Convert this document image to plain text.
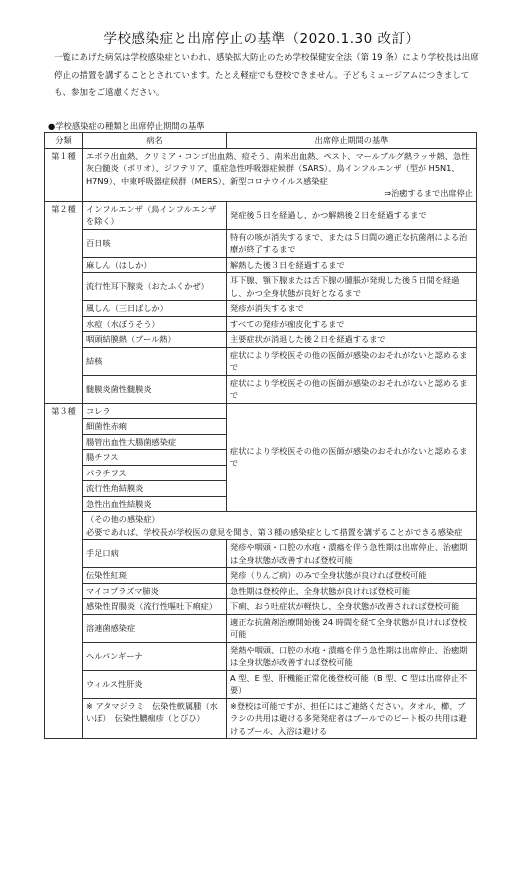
学校感染症と出席停止の基準（2020.1.30 改訂）
一覧にあげた病気は学校感染症といわれ、感染拡大防止のため学校保健安全法（第 19 条）により学校長は出席停止の措置を講ずることとされています。たとえ軽症でも登校できません。子どもミュージアムにつきましても、参加をご遠慮ください。
●学校感染症の種類と出席停止期間の基準
分類	病名	出席停止期間の基準
第１種	エボラ出血熱、クリミア・コンゴ出血熱、痘そう、南米出血熱、ペスト、マールブルグ熱ラッサ熱、急性灰白髄炎（ポリオ）、ジフテリア、重症急性呼吸器症候群（SARS）、鳥インフルエンザ（型が H5N1、H7N9）、中東呼吸器症候群（MERS）、新型コロナウイルス感染症
⇒治癒するまで出席停止	

第２種	インフルエンザ（鳥インフルエンザを除く）	発症後５日を経過し、かつ解熱後２日を経過するまで
	百日咳	特有の咳が消失するまで、または５日間の適正な抗菌剤による治療が終了するまで
	麻しん（はしか）	解熱した後３日を経過するまで
	流行性耳下腺炎（おたふくかぜ）	耳下腺、顎下腺または舌下腺の腫脹が発現した後５日間を経過し、かつ全身状態が良好となるまで
	風しん（三日ばしか）	発疹が消失するまで
	水痘（水ぼうそう）	すべての発疹が痂皮化するまで
	咽頭結膜熱（プール熱）	主要症状が消退した後２日を経過するまで
	結核	症状により学校医その他の医師が感染のおそれがないと認めるまで
	髄膜炎菌性髄膜炎	症状により学校医その他の医師が感染のおそれがないと認めるまで
第３種	コレラ	症状により学校医その他の医師が感染のおそれがないと認めるまで
	細菌性赤痢	
	腸管出血性大腸菌感染症	
	腸チフス	
	パラチフス	
	流行性角結膜炎	
	急性出血性結膜炎	

	（その他の感染症）
必要であれば、学校長が学校医の意見を聞き、第３種の感染症として措置を講ずることができる感染症	

	手足口病	発疹や咽頭・口腔の水疱・潰瘍を伴う急性期は出席停止、治癒期は全身状態が改善すれば登校可能
	伝染性紅斑	発疹（りんご病）のみで全身状態が良ければ登校可能
	マイコプラズマ肺炎	急性期は登校停止、全身状態が良ければ登校可能
	感染性胃腸炎（流行性嘔吐下痢症）	下痢、おう吐症状が軽快し、全身状態が改善されれば登校可能
	溶連菌感染症	適正な抗菌剤治療開始後 24 時間を経て全身状態が良ければ登校可能
	ヘルパンギーナ	発熱や咽頭、口腔の水疱・潰瘍を伴う急性期は出席停止、治癒期は全身状態が改善すれば登校可能
	ウィルス性肝炎	A 型、E 型、肝機能正常化後登校可能（B 型、C 型は出席停止不要）
	※ アタマジラミ　伝染性軟属腫（水いぼ）　伝染性膿痂疹（とびひ）	※登校は可能ですが、担任にはご連絡ください。タオル、櫛、ブラシの共用は避ける多発発症者はプールでのビート板の共用は避けるプール、入浴は避ける
